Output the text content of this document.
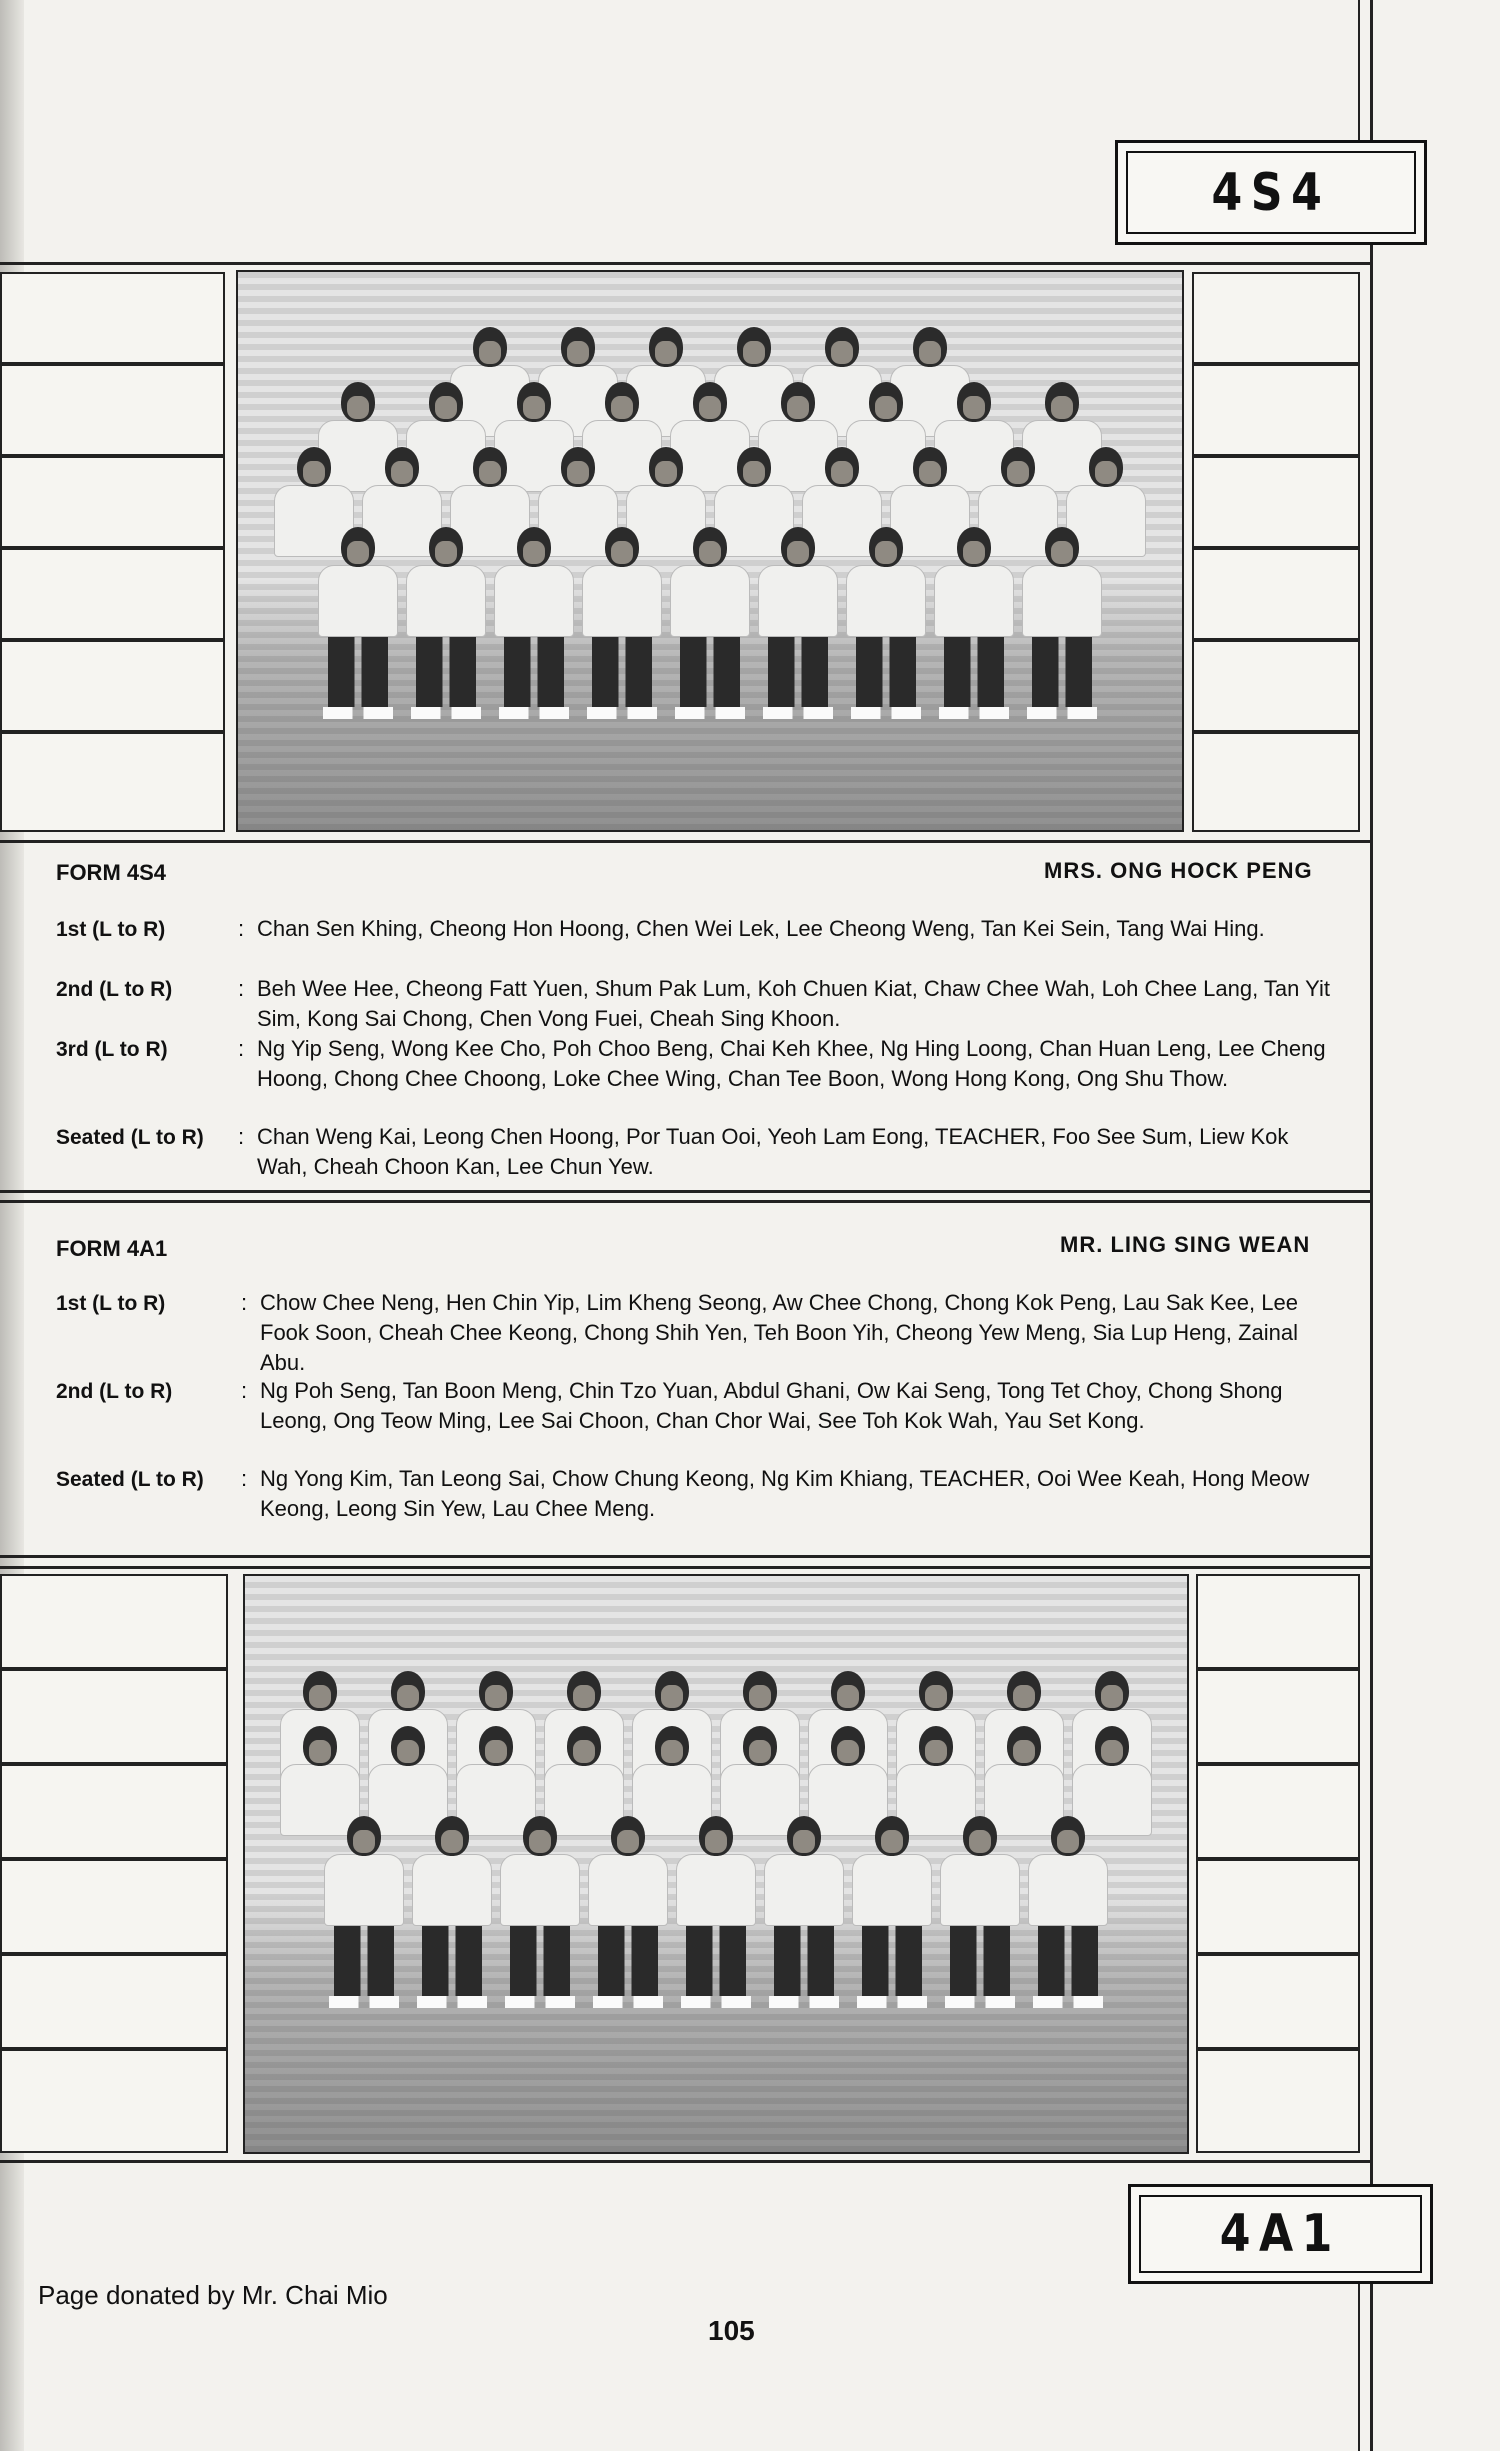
4S4
FORM 4S4	MRS. ONG HOCK PENG
1st (L to R)	: Chan Sen Khing, Cheong Hon Hoong, Chen Wei Lek, Lee Cheong Weng, Tan Kei Sein, Tang Wai Hing.
2nd (L to R)	: Beh Wee Hee, Cheong Fatt Yuen, Shum Pak Lum, Koh Chuen Kiat, Chaw Chee Wah, Loh Chee Lang, Tan Yit Sim, Kong Sai Chong, Chen Vong Fuei, Cheah Sing Khoon.
3rd (L to R)	: Ng Yip Seng, Wong Kee Cho, Poh Choo Beng, Chai Keh Khee, Ng Hing Loong, Chan Huan Leng, Lee Cheng Hoong, Chong Chee Choong, Loke Chee Wing, Chan Tee Boon, Wong Hong Kong, Ong Shu Thow.
Seated (L to R) : Chan Weng Kai, Leong Chen Hoong, Por Tuan Ooi, Yeoh Lam Eong, TEACHER, Foo See Sum, Liew Kok Wah, Cheah Choon Kan, Lee Chun Yew.
FORM 4A1	MR. LING SING WEAN
1st (L to R)	: Chow Chee Neng, Hen Chin Yip, Lim Kheng Seong, Aw Chee Chong, Chong Kok Peng, Lau Sak Kee, Lee Fook Soon, Cheah Chee Keong, Chong Shih Yen, Teh Boon Yih, Cheong Yew Meng, Sia Lup Heng, Zainal Abu.
2nd (L to R)	: Ng Poh Seng, Tan Boon Meng, Chin Tzo Yuan, Abdul Ghani, Ow Kai Seng, Tong Tet Choy, Chong Shong Leong, Ong Teow Ming, Lee Sai Choon, Chan Chor Wai, See Toh Kok Wah, Yau Set Kong.
Seated (L to R) : Ng Yong Kim, Tan Leong Sai, Chow Chung Keong, Ng Kim Khiang, TEACHER, Ooi Wee Keah, Hong Meow Keong, Leong Sin Yew, Lau Chee Meng.
4A1
Page donated by Mr. Chai Mio
105
